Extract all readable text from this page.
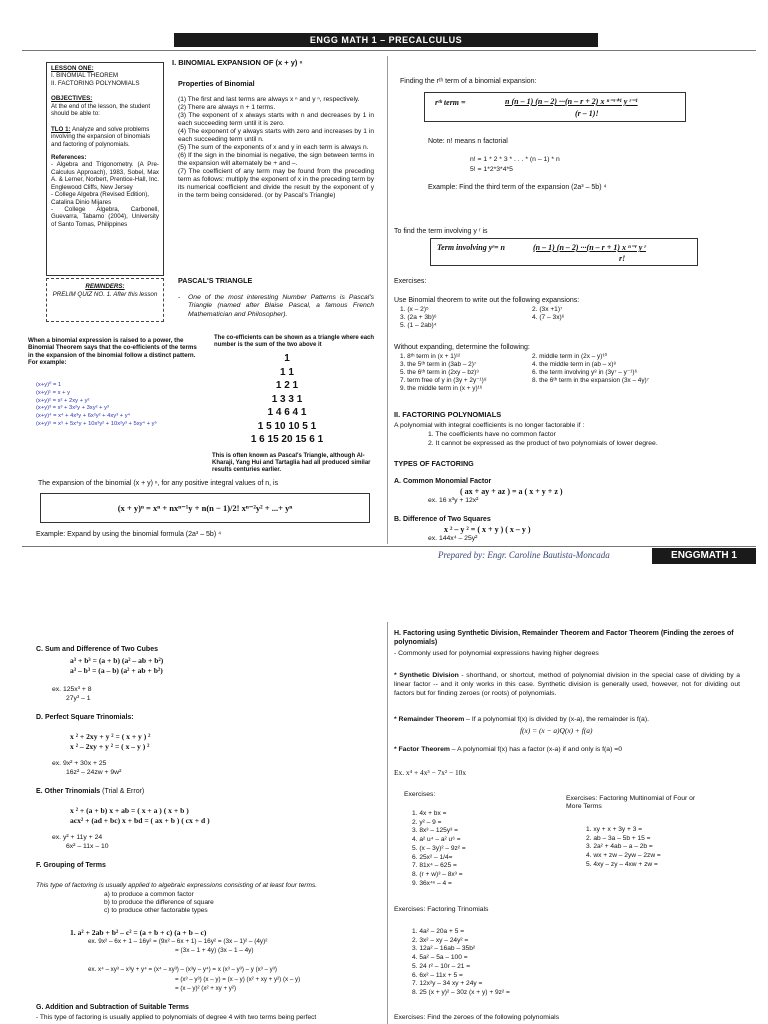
ENGG MATH 1 – PRECALCULUS
LESSON ONE:
I. BINOMIAL THEOREM
II. FACTORING POLYNOMIALS
OBJECTIVES:
At the end of the lesson, the student should be able to:
TLO 1: Analyze and solve problems involving the expansion of binomials and factoring of polynomials.
References:
- Algebra and Trigonometry. (A Pre-Calculus Approach), 1983, Sobel, Max A. & Lerner, Norbert, Prentice-Hall, Inc. Englewood Cliffs, New Jersey
- College Algebra (Revised Edition), Catalina Dinio Mijares
- College Algebra, Carbonell, Guevarra, Tabamo (2004), University of Santo Tomas, Philippines
REMINDERS:
PRELIM QUIZ NO. 1. After this lesson
I. BINOMIAL EXPANSION OF (x + y) ⁿ
Properties of Binomial
(1) The first and last terms are always x ⁿ and y ⁿ, respectively.
(2) There are always n + 1 terms.
(3) The exponent of x always starts with n and decreases by 1 in each succeeding term until it is zero.
(4) The exponent of y always starts with zero and increases by 1 in each succeeding term until n.
(5) The sum of the exponents of x and y in each term is always n.
(6) If the sign in the binomial is negative, the sign between terms in the expansion will alternately be + and –.
(7) The coefficient of any term may be found from the preceding term as follows: multiply the exponent of x in the preceding term by its numerical coefficient and divide the result by the exponent of y in the term being considered. (or by Pascal's Triangle)
PASCAL'S TRIANGLE
- One of the most interesting Number Patterns is Pascal's Triangle (named after Blaise Pascal, a famous French Mathematician and Philosopher).
When a binomial expression is raised to a power, the Binomial Theorem says that the co-efficients of the terms in the expansion of the binomial follow a distinct pattern.
For example:
(x+y)⁰ = 1
(x+y)¹ = x + y
(x+y)² = x² + 2xy + y²
(x+y)³ = x³ + 3x²y + 3xy² + y³
(x+y)⁴ = x⁴ + 4x³y + 6x²y² + 4xy³ + y⁴
(x+y)⁵ = x⁵ + 5x⁴y + 10x³y² + 10x²y³ + 5xy⁴ + y⁵
The co-efficients can be shown as a triangle where each number is the sum of the two above it
1
1 1
1 2 1
1 3 3 1
1 4 6 4 1
1 5 10 10 5 1
1 6 15 20 15 6 1
This is often known as Pascal's Triangle, although Al-Kharaji, Yang Hui and Tartaglia had all produced similar results centuries earlier.
The expansion of the binomial (x + y) ⁿ, for any positive integral values of n, is
(x + y)ⁿ = xⁿ + nxⁿ⁻¹y + n(n − 1)/2! xⁿ⁻²y² + ...+ yⁿ
Example: Expand by using the binomial formula (2a³ – 5b) ⁴
Finding the rᵗʰ term of a binomial expansion:
rᵗʰ term =	n (n – 1) (n – 2) ···(n – r + 2) x ⁿ⁻ʳ⁺¹ y ʳ⁻¹
(r – 1)!
Note: n! means n factorial
n! = 1 * 2 * 3 * . . . * (n – 1) * n
5! = 1*2*3*4*5
Example: Find the third term of the expansion (2a³ – 5b) ⁴
To find the term involving y ʳ is
Term involving yʳ= n	(n – 1) (n – 2) ···(n – r + 1) x ⁿ⁻ʳ y ʳ
r!
Exercises:
Use Binomial theorem to write out the following expansions:
1. (x – 2)⁵	2. (3x +1)⁷
3. (2a + 3b)⁶	4. (7 – 3x)⁶
5. (1 – 2ab)⁴
Without expanding, determine the following:
1. 8ᵗʰ term in (x + 1)¹²	2. middle term in (2x – y)¹⁰
3. the 5ᵗʰ term in (3ab – 2)⁷	4. the middle term in (ab – x)⁸
5. the 6ᵗʰ term in (2xy – bz)⁹	6. the term involving y⁸ in (3y⁷ – y⁻¹)⁶
7. term free of y in (3y + 2y⁻¹)⁸	8. the 6ᵗʰ term in the expansion (3x – 4y)⁷
9. the middle term in (x + y)¹⁶
II. FACTORING POLYNOMIALS
A polynomial with integral coefficients is no longer factorable if :
1. The coefficients have no common factor
2. It cannot be expressed as the product of two polynomials of lower degree.
TYPES OF FACTORING
A. Common Monomial Factor
( ax + ay + az ) = a ( x + y + z )
ex. 16 x³y + 12x²
B. Difference of Two Squares
x ² – y ² = ( x + y ) ( x – y )
ex. 144x⁴ – 25y²
Prepared by: Engr. Caroline Bautista-Moncada	ENGGMATH 1
C. Sum and Difference of Two Cubes
a³ + b³ = (a + b) (a² – ab + b²)
a³ – b³ = (a – b) (a² + ab + b²)
ex. 125x³ + 8
27y³ – 1
D. Perfect Square Trinomials:
x ² + 2xy + y ² = ( x + y ) ²
x ² – 2xy + y ² = ( x – y ) ²
ex. 9x² + 30x + 25
16z² – 24zw + 9w²
E. Other Trinomials (Trial & Error)
x ² + (a + b) x + ab = ( x + a ) ( x + b )
acx² + (ad + bc) x + bd = ( ax + b ) ( cx + d )
ex. y² + 11y + 24
6x² – 11x – 10
F. Grouping of Terms
This type of factoring is usually applied to algebraic expressions consisting of at least four terms.
a) to produce a common factor
b) to produce the difference of square
c) to produce other factorable types
1. a² + 2ab + b² – c² = (a + b + c) (a + b – c)
ex. 9x² – 6x + 1 – 16y² = (9x² – 6x + 1) – 16y² = (3x – 1)² – (4y)²
= (3x – 1 + 4y) (3x – 1 – 4y)
ex. x⁴ – xy³ – x³y + y⁴ = (x⁴ – xy³) – (x³y – y⁴) = x (x³ – y³) – y (x³ – y³)
= (x³ – y³) (x – y) = (x – y) (x² + xy + y²) (x – y)
= (x – y)² (x² + xy + y²)
G. Addition and Subtraction of Suitable Terms
- This type of factoring is usually applied to polynomials of degree 4 with two terms being perfect
H. Factoring using Synthetic Division, Remainder Theorem and Factor Theorem (Finding the zeroes of polynomials)
- Commonly used for polynomial expressions having higher degrees
* Synthetic Division - shorthand, or shortcut, method of polynomial division in the special case of dividing by a linear factor -- and it only works in this case. Synthetic division is generally used, however, not for dividing out factors but for finding zeroes (or roots) of polynomials.
* Remainder Theorem – If a polynomial f(x) is divided by (x-a), the remainder is f(a).
f(x) = (x − a)Q(x) + f(a)
* Factor Theorem – A polynomial f(x) has a factor (x-a) if and only is f(a) =0
Ex. x⁴ + 4x³ − 7x² − 10x
Exercises:
1. 4x + bx =
2. y² – 9 =
3. 8x³ – 125y³ =
4. a² u⁴ – a² u⁶ =
5. (x – 3y)² – 9z² =
6. 25x² – 1/4=
7. 81x⁴ – 625 =
8. (r + w)³ – 8x³ =
9. 36x⁴ⁿ – 4 =
Exercises: Factoring Multinomial of Four or More Terms
1. xy + x + 3y + 3 =
2. ab – 3a – 5b + 15 =
3. 2a² + 4ab – a – 2b =
4. wx + zw – 2yw – 2zw =
5. 4xy – zy – 4xw + zw =
Exercises: Factoring Trinomials
1. 4a² – 20a + 5 =
2. 3x² – xy – 24y² =
3. 12a² – 16ab – 35b²
4. 5a² – 5a – 100 =
5. 24 r² – 10r – 21 =
6. 6x² – 11x + 5 =
7. 12x²y – 34 xy + 24y =
8. 25 (x + y)² – 30z (x + y) + 9z² =
Exercises: Find the zeroes of the following polynomials
